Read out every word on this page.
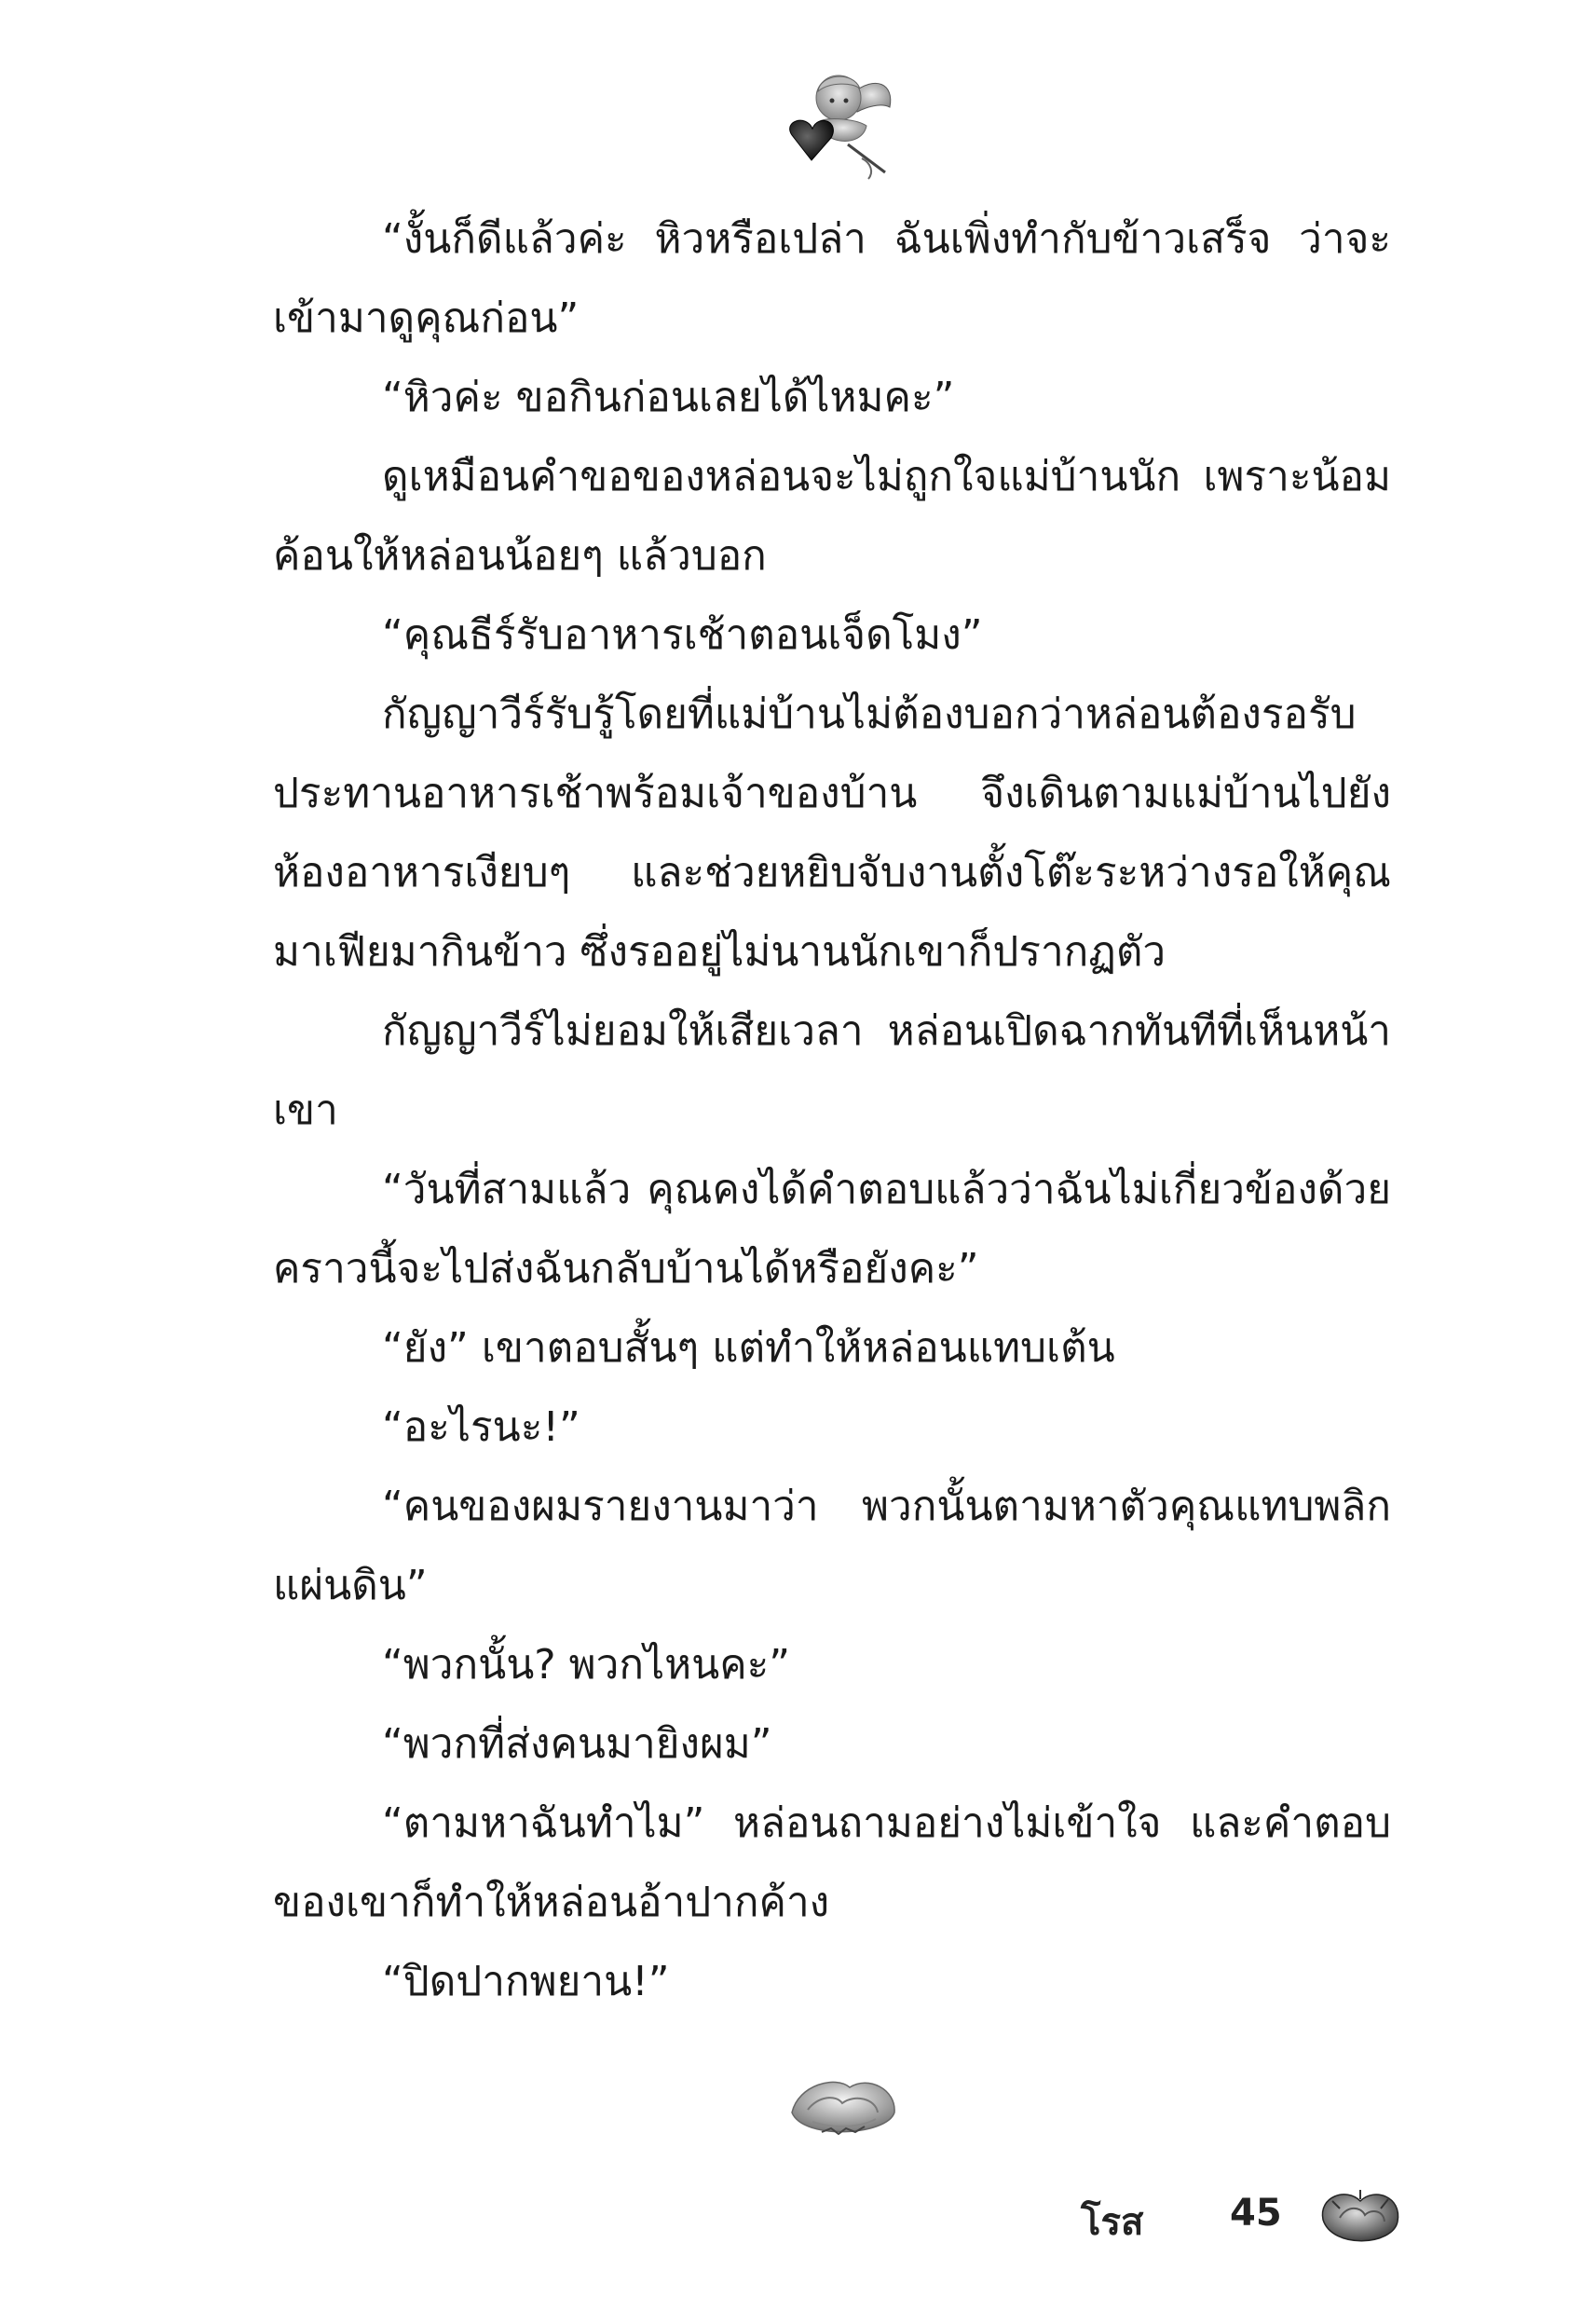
“งั้นก็ดีแล้วค่ะ หิวหรือเปล่า ฉันเพิ่งทำกับข้าวเสร็จ ว่าจะเข้ามาดูคุณก่อน”

“หิวค่ะ ขอกินก่อนเลยได้ไหมคะ”

ดูเหมือนคำขอของหล่อนจะไม่ถูกใจแม่บ้านนัก เพราะน้อมค้อนให้หล่อนน้อยๆ แล้วบอก

“คุณธีร์รับอาหารเช้าตอนเจ็ดโมง”

กัญญาวีร์รับรู้โดยที่แม่บ้านไม่ต้องบอกว่าหล่อนต้องรอรับประทานอาหารเช้าพร้อมเจ้าของบ้าน จึงเดินตามแม่บ้านไปยังห้องอาหารเงียบๆ และช่วยหยิบจับงานตั้งโต๊ะระหว่างรอให้คุณมาเฟียมากินข้าว ซึ่งรออยู่ไม่นานนักเขาก็ปรากฏตัว

กัญญาวีร์ไม่ยอมให้เสียเวลา หล่อนเปิดฉากทันทีที่เห็นหน้าเขา

“วันที่สามแล้ว คุณคงได้คำตอบแล้วว่าฉันไม่เกี่ยวข้องด้วย คราวนี้จะไปส่งฉันกลับบ้านได้หรือยังคะ”

“ยัง” เขาตอบสั้นๆ แต่ทำให้หล่อนแทบเต้น

“อะไรนะ!”

“คนของผมรายงานมาว่า พวกนั้นตามหาตัวคุณแทบพลิกแผ่นดิน”

“พวกนั้น? พวกไหนคะ”

“พวกที่ส่งคนมายิงผม”

“ตามหาฉันทำไม” หล่อนถามอย่างไม่เข้าใจ และคำตอบของเขาก็ทำให้หล่อนอ้าปากค้าง

“ปิดปากพยาน!”

โรส 45
